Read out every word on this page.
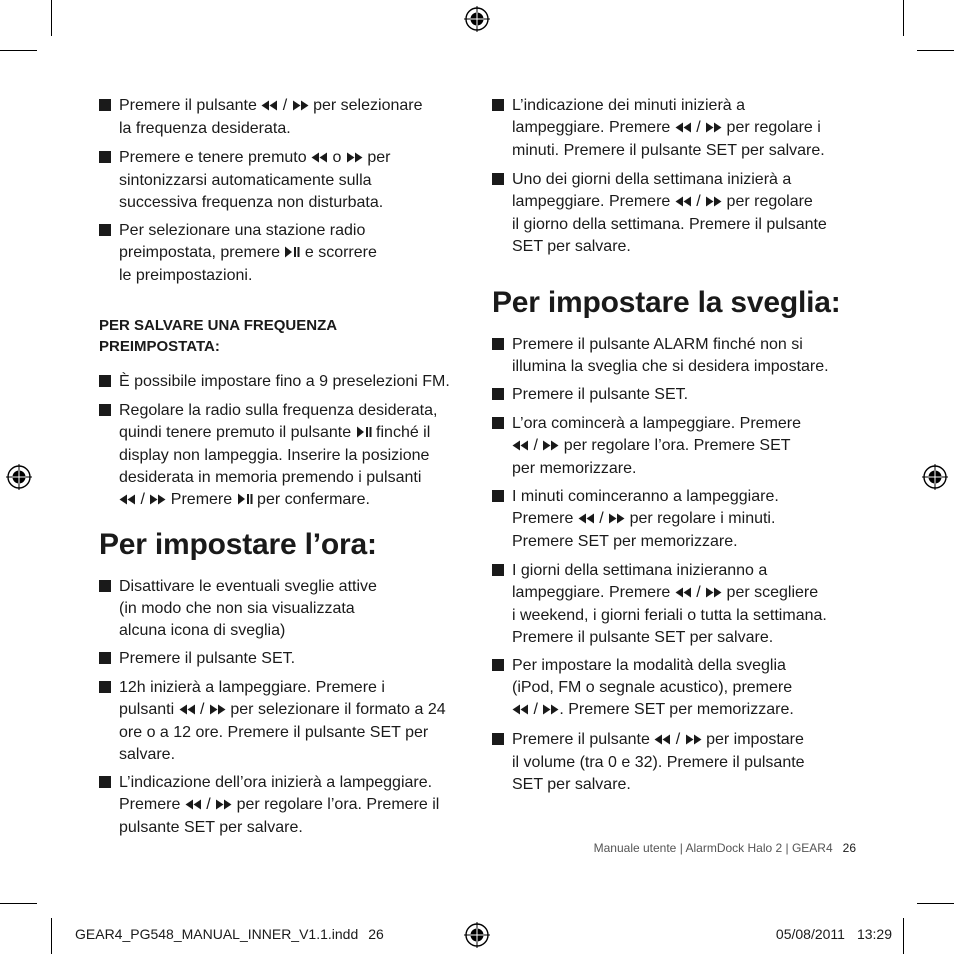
Premere il pulsante  /  per selezionare
la frequenza desiderata.
Premere e tenere premuto  o  per
sintonizzarsi automaticamente sulla
successiva frequenza non disturbata.
Per selezionare una stazione radio
preimpostata, premere  e scorrere
le preimpostazioni.
PER SALVARE UNA FREQUENZA
PREIMPOSTATA:
È possibile impostare fino a 9 preselezioni FM.
Regolare la radio sulla frequenza desiderata,
quindi tenere premuto il pulsante  finché il
display non lampeggia. Inserire la posizione
desiderata in memoria premendo i pulsanti
/  Premere  per confermare.
Per impostare l’ora:
Disattivare le eventuali sveglie attive
(in modo che non sia visualizzata
alcuna icona di sveglia)
Premere il pulsante SET.
12h inizierà a lampeggiare. Premere i
pulsanti  /  per selezionare il formato a 24
ore o a 12 ore. Premere il pulsante SET per
salvare.
L’indicazione dell’ora inizierà a lampeggiare.
Premere  /  per regolare l’ora. Premere il
pulsante SET per salvare.
L’indicazione dei minuti inizierà a
lampeggiare. Premere  /  per regolare i
minuti. Premere il pulsante SET per salvare.
Uno dei giorni della settimana inizierà a
lampeggiare. Premere  /  per regolare
il giorno della settimana. Premere il pulsante
SET per salvare.
Per impostare la sveglia:
Premere il pulsante ALARM finché non si
illumina la sveglia che si desidera impostare.
Premere il pulsante SET.
L’ora comincerà a lampeggiare. Premere
/  per regolare l’ora. Premere SET
per memorizzare.
I minuti cominceranno a lampeggiare.
Premere  /  per regolare i minuti.
Premere SET per memorizzare.
I giorni della settimana inizieranno a
lampeggiare. Premere  /  per scegliere
i weekend, i giorni feriali o tutta la settimana.
Premere il pulsante SET per salvare.
Per impostare la modalità della sveglia
(iPod, FM o segnale acustico), premere
/ . Premere SET per memorizzare.
Premere il pulsante  /  per impostare
il volume (tra 0 e 32). Premere il pulsante
SET per salvare.
Manuale utente | AlarmDock Halo 2 | GEAR4 26
GEAR4_PG548_MANUAL_INNER_V1.1.indd 26	05/08/2011 13:29
